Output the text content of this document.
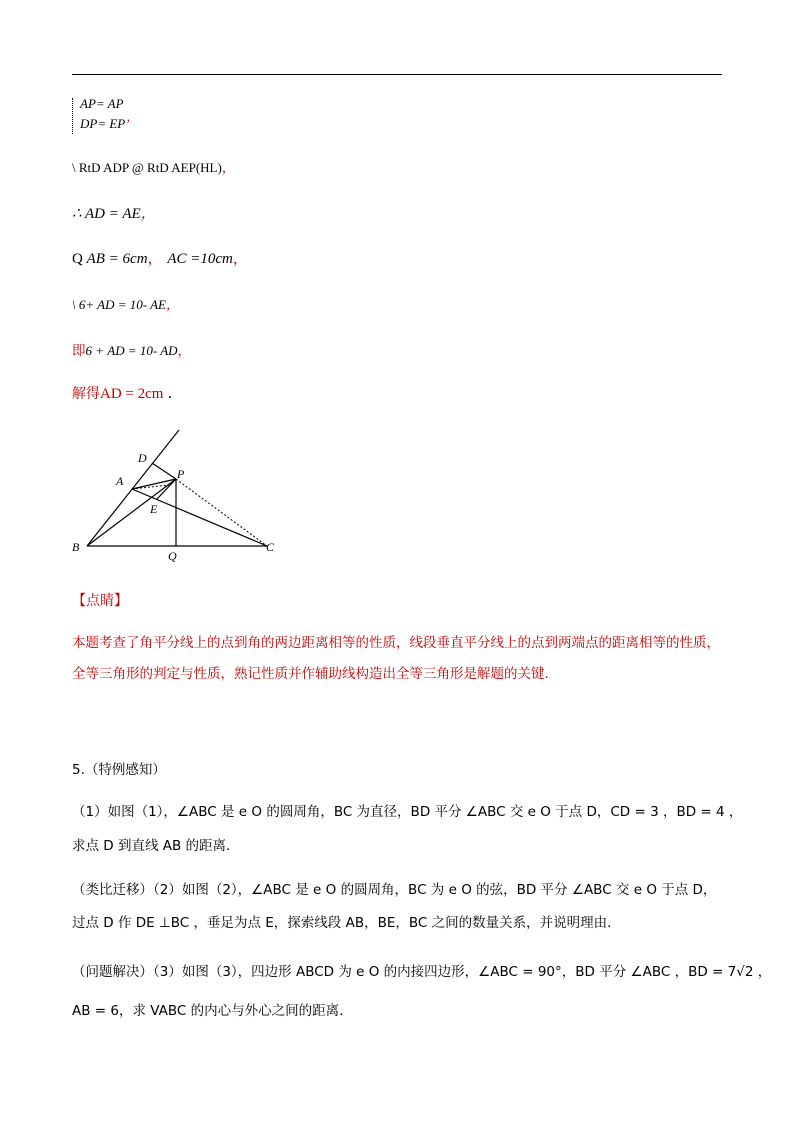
AP= AP
DP= EP’
\ RtD ADP @ RtD AEP(HL)，
∴ AD = AE，
Q AB = 6cm， AC =10cm，
\ 6+ AD = 10- AE，
即6 + AD = 10- AD，
解得AD = 2cm .
D
A	P
E
B
Q
C
【点睛】
本题考查了角平分线上的点到角的两边距离相等的性质，线段垂直平分线上的点到两端点的距离相等的性质，全等三角形的判定与性质，熟记性质并作辅助线构造出全等三角形是解题的关键.
5.（特例感知）
（1）如图（1），∠ABC 是 e O 的圆周角，BC 为直径，BD 平分 ∠ABC 交 e O 于点 D，CD = 3 ，BD = 4 ，
求点 D 到直线 AB 的距离.
（类比迁移）（2）如图（2），∠ABC 是 e O 的圆周角，BC 为 e O 的弦，BD 平分 ∠ABC 交 e O 于点 D，
过点 D 作 DE ⊥BC ，垂足为点 E，探索线段 AB，BE，BC 之间的数量关系，并说明理由.
（问题解决）（3）如图（3），四边形 ABCD 为 e O 的内接四边形，∠ABC = 90°，BD 平分 ∠ABC ，BD = 7√2 ，
AB = 6，求 VABC 的内心与外心之间的距离.
